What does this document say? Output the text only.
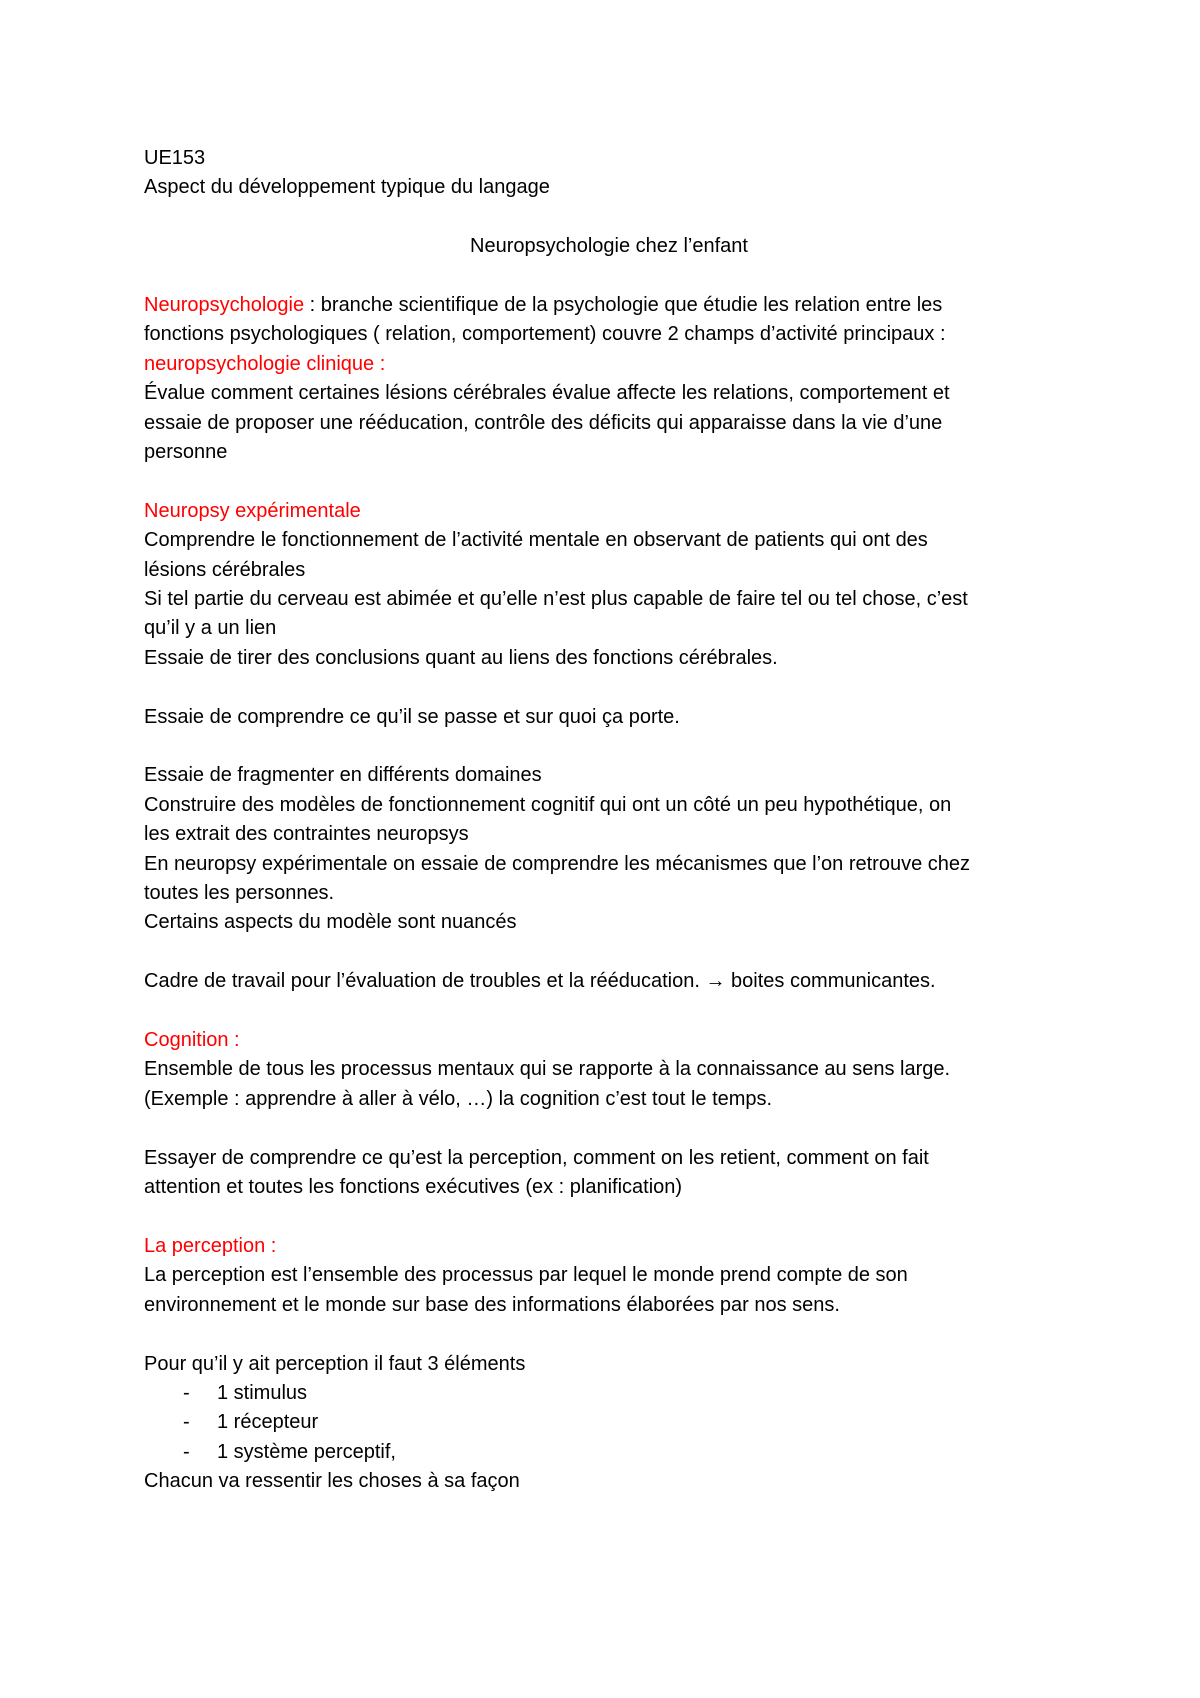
UE153

Aspect du développement typique du langage

Neuropsychologie chez l’enfant

Neuropsychologie : branche scientifique de la psychologie que étudie les relation entre les

fonctions psychologiques ( relation, comportement) couvre 2 champs d’activité principaux :

neuropsychologie clinique :

Évalue comment certaines lésions cérébrales évalue affecte les relations, comportement et

essaie de proposer une rééducation, contrôle des déficits qui apparaisse dans la vie d’une

personne

Neuropsy expérimentale

Comprendre le fonctionnement de l’activité mentale en observant de patients qui ont des

lésions cérébrales

Si tel partie du cerveau est abimée et qu’elle n’est plus capable de faire tel ou tel chose, c’est

qu’il y a un lien

Essaie de tirer des conclusions quant au liens des fonctions cérébrales.

Essaie de comprendre ce qu’il se passe et sur quoi ça porte.

Essaie de fragmenter en différents domaines

Construire des modèles de fonctionnement cognitif qui ont un côté un peu hypothétique, on

les extrait des contraintes neuropsys

En neuropsy expérimentale on essaie de comprendre les mécanismes que l’on retrouve chez

toutes les personnes.

Certains aspects du modèle sont nuancés

Cadre de travail pour l’évaluation de troubles et la rééducation. → boites communicantes.

Cognition :

Ensemble de tous les processus mentaux qui se rapporte à la connaissance au sens large.

(Exemple : apprendre à aller à vélo, …) la cognition c’est tout le temps.

Essayer de comprendre ce qu’est la perception, comment on les retient, comment on fait

attention et toutes les fonctions exécutives (ex : planification)

La perception :

La perception est l’ensemble des processus par lequel le monde prend compte de son

environnement et le monde sur base des informations élaborées par nos sens.

Pour qu’il y ait perception il faut 3 éléments

- 1 stimulus
- 1 récepteur
- 1 système perceptif,

Chacun va ressentir les choses à sa façon
